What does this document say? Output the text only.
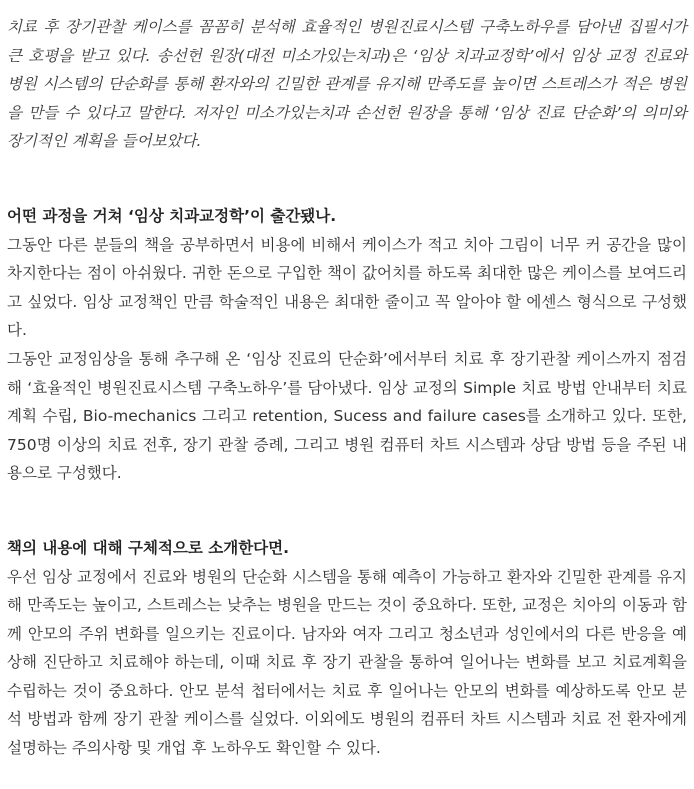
치료 후 장기관찰 케이스를 꼼꼼히 분석해 효율적인 병원진료시스템 구축노하우를 담아낸 집필서가 큰 호평을 받고 있다. 송선헌 원장(대전 미소가있는치과)은 ‘임상 치과교정학’에서 임상 교정 진료와 병원 시스템의 단순화를 통해 환자와의 긴밀한 관계를 유지해 만족도를 높이면 스트레스가 적은 병원을 만들 수 있다고 말한다. 저자인 미소가있는치과 손선헌 원장을 통해 ‘임상 진료 단순화’의 의미와 장기적인 계획을 들어보았다.

어떤 과정을 거쳐 ‘임상 치과교정학’이 출간됐나.

그동안 다른 분들의 책을 공부하면서 비용에 비해서 케이스가 적고 치아 그림이 너무 커 공간을 많이 차지한다는 점이 아쉬웠다. 귀한 돈으로 구입한 책이 값어치를 하도록 최대한 많은 케이스를 보여드리고 싶었다. 임상 교정책인 만큼 학술적인 내용은 최대한 줄이고 꼭 알아야 할 에센스 형식으로 구성했다.

그동안 교정임상을 통해 추구해 온 ‘임상 진료의 단순화’에서부터 치료 후 장기관찰 케이스까지 점검해 ‘효율적인 병원진료시스템 구축노하우’를 담아냈다. 임상 교정의 Simple 치료 방법 안내부터 치료계획 수립, Bio-mechanics 그리고 retention, Sucess and failure cases를 소개하고 있다. 또한, 750명 이상의 치료 전후, 장기 관찰 증례, 그리고 병원 컴퓨터 차트 시스템과 상담 방법 등을 주된 내용으로 구성했다.

책의 내용에 대해 구체적으로 소개한다면.

우선 임상 교정에서 진료와 병원의 단순화 시스템을 통해 예측이 가능하고 환자와 긴밀한 관계를 유지해 만족도는 높이고, 스트레스는 낮추는 병원을 만드는 것이 중요하다. 또한, 교정은 치아의 이동과 함께 안모의 주위 변화를 일으키는 진료이다. 남자와 여자 그리고 청소년과 성인에서의 다른 반응을 예상해 진단하고 치료해야 하는데, 이때 치료 후 장기 관찰을 통하여 일어나는 변화를 보고 치료계획을 수립하는 것이 중요하다. 안모 분석 첩터에서는 치료 후 일어나는 안모의 변화를 예상하도록 안모 분석 방법과 함께 장기 관찰 케이스를 실었다. 이외에도 병원의 컴퓨터 차트 시스템과 치료 전 환자에게 설명하는 주의사항 및 개업 후 노하우도 확인할 수 있다.
